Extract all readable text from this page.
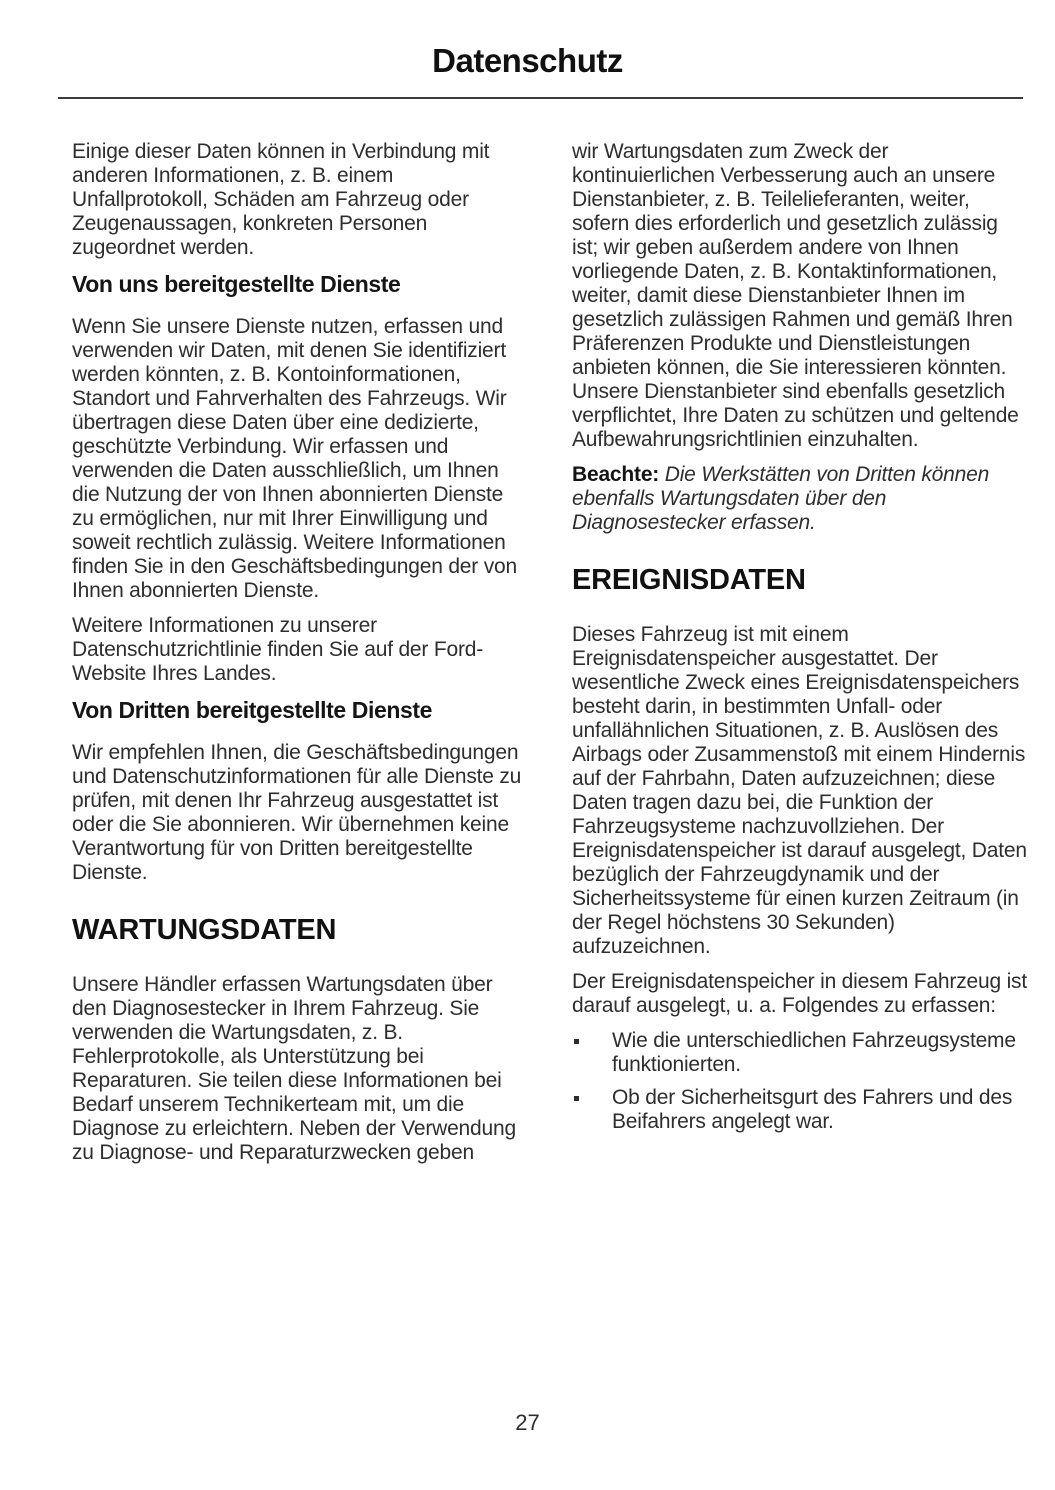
Datenschutz

Einige dieser Daten können in Verbindung mit anderen Informationen, z. B. einem Unfallprotokoll, Schäden am Fahrzeug oder Zeugenaussagen, konkreten Personen zugeordnet werden.

Von uns bereitgestellte Dienste

Wenn Sie unsere Dienste nutzen, erfassen und verwenden wir Daten, mit denen Sie identifiziert werden könnten, z. B. Kontoinformationen, Standort und Fahrverhalten des Fahrzeugs. Wir übertragen diese Daten über eine dedizierte, geschützte Verbindung. Wir erfassen und verwenden die Daten ausschließlich, um Ihnen die Nutzung der von Ihnen abonnierten Dienste zu ermöglichen, nur mit Ihrer Einwilligung und soweit rechtlich zulässig. Weitere Informationen finden Sie in den Geschäftsbedingungen der von Ihnen abonnierten Dienste.

Weitere Informationen zu unserer Datenschutzrichtlinie finden Sie auf der Ford-Website Ihres Landes.

Von Dritten bereitgestellte Dienste

Wir empfehlen Ihnen, die Geschäftsbedingungen und Datenschutzinformationen für alle Dienste zu prüfen, mit denen Ihr Fahrzeug ausgestattet ist oder die Sie abonnieren. Wir übernehmen keine Verantwortung für von Dritten bereitgestellte Dienste.

WARTUNGSDATEN

Unsere Händler erfassen Wartungsdaten über den Diagnosestecker in Ihrem Fahrzeug. Sie verwenden die Wartungsdaten, z. B. Fehlerprotokolle, als Unterstützung bei Reparaturen. Sie teilen diese Informationen bei Bedarf unserem Technikerteam mit, um die Diagnose zu erleichtern. Neben der Verwendung zu Diagnose- und Reparaturzwecken geben

wir Wartungsdaten zum Zweck der kontinuierlichen Verbesserung auch an unsere Dienstanbieter, z. B. Teilelieferanten, weiter, sofern dies erforderlich und gesetzlich zulässig ist; wir geben außerdem andere von Ihnen vorliegende Daten, z. B. Kontaktinformationen, weiter, damit diese Dienstanbieter Ihnen im gesetzlich zulässigen Rahmen und gemäß Ihren Präferenzen Produkte und Dienstleistungen anbieten können, die Sie interessieren könnten. Unsere Dienstanbieter sind ebenfalls gesetzlich verpflichtet, Ihre Daten zu schützen und geltende Aufbewahrungsrichtlinien einzuhalten.

Beachte: Die Werkstätten von Dritten können ebenfalls Wartungsdaten über den Diagnosestecker erfassen.

EREIGNISDATEN

Dieses Fahrzeug ist mit einem Ereignisdatenspeicher ausgestattet. Der wesentliche Zweck eines Ereignisdatenspeichers besteht darin, in bestimmten Unfall- oder unfallähnlichen Situationen, z. B. Auslösen des Airbags oder Zusammenstoß mit einem Hindernis auf der Fahrbahn, Daten aufzuzeichnen; diese Daten tragen dazu bei, die Funktion der Fahrzeugsysteme nachzuvollziehen. Der Ereignisdatenspeicher ist darauf ausgelegt, Daten bezüglich der Fahrzeugdynamik und der Sicherheitssysteme für einen kurzen Zeitraum (in der Regel höchstens 30 Sekunden) aufzuzeichnen.

Der Ereignisdatenspeicher in diesem Fahrzeug ist darauf ausgelegt, u. a. Folgendes zu erfassen:

Wie die unterschiedlichen Fahrzeugsysteme funktionierten.
Ob der Sicherheitsgurt des Fahrers und des Beifahrers angelegt war.
27
